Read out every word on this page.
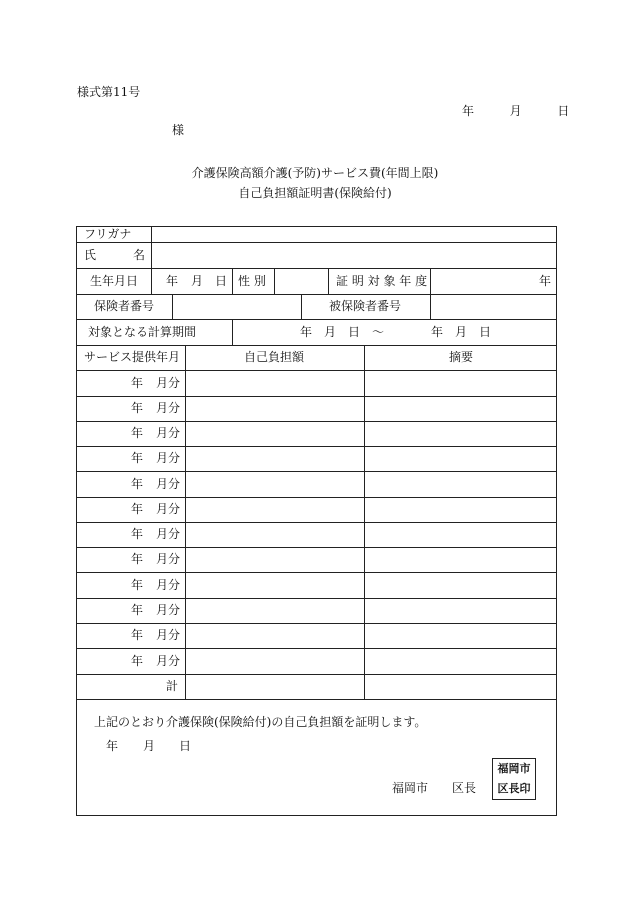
様式第11号
年	月	日
様
介護保険高額介護(予防)サービス費(年間上限)
自己負担額証明書(保険給付)
フリガナ
氏	名
生年月日 年 月 日 性 別	証 明 対 象 年 度	年
保険者番号	被保険者番号
対象となる計算期間	年　月　日　～	年　月　日
サービス提供年月	自己負担額	摘要
年 月分
年 月分
年 月分
年 月分
年 月分
年 月分
年 月分
年 月分
年 月分
年 月分
年 月分
年 月分
計
上記のとおり介護保険(保険給付)の自己負担額を証明します。
年 月 日
福岡市 区長
福岡市
区長印
